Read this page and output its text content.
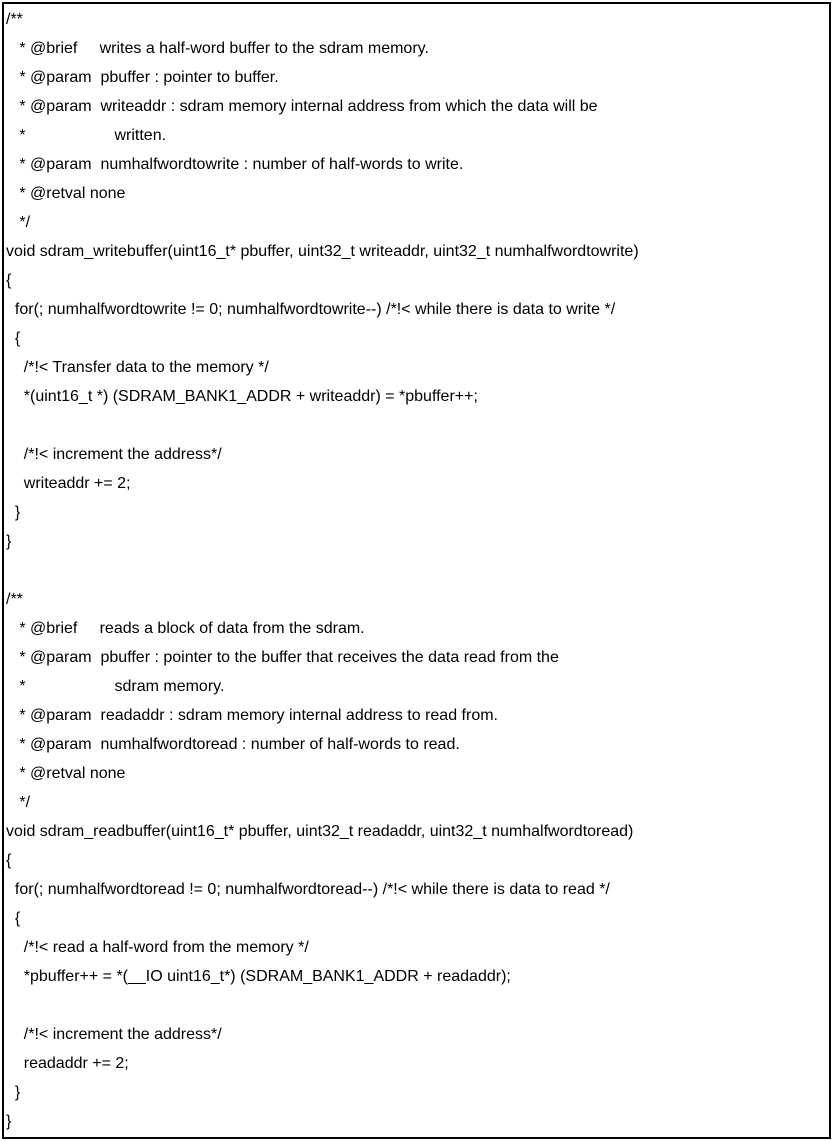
/**
* @brief     writes a half-word buffer to the sdram memory.
* @param  pbuffer : pointer to buffer.
* @param  writeaddr : sdram memory internal address from which the data will be
*                    written.
* @param  numhalfwordtowrite : number of half-words to write.
* @retval none
*/
void sdram_writebuffer(uint16_t* pbuffer, uint32_t writeaddr, uint32_t numhalfwordtowrite)
{
for(; numhalfwordtowrite != 0; numhalfwordtowrite--) /*!< while there is data to write */
{
/*!< Transfer data to the memory */
*(uint16_t *) (SDRAM_BANK1_ADDR + writeaddr) = *pbuffer++;
/*!< increment the address*/
writeaddr += 2;
}
}
/**
* @brief     reads a block of data from the sdram.
* @param  pbuffer : pointer to the buffer that receives the data read from the
*                    sdram memory.
* @param  readaddr : sdram memory internal address to read from.
* @param  numhalfwordtoread : number of half-words to read.
* @retval none
*/
void sdram_readbuffer(uint16_t* pbuffer, uint32_t readaddr, uint32_t numhalfwordtoread)
{
for(; numhalfwordtoread != 0; numhalfwordtoread--) /*!< while there is data to read */
{
/*!< read a half-word from the memory */
*pbuffer++ = *(__IO uint16_t*) (SDRAM_BANK1_ADDR + readaddr);
/*!< increment the address*/
readaddr += 2;
}
}
